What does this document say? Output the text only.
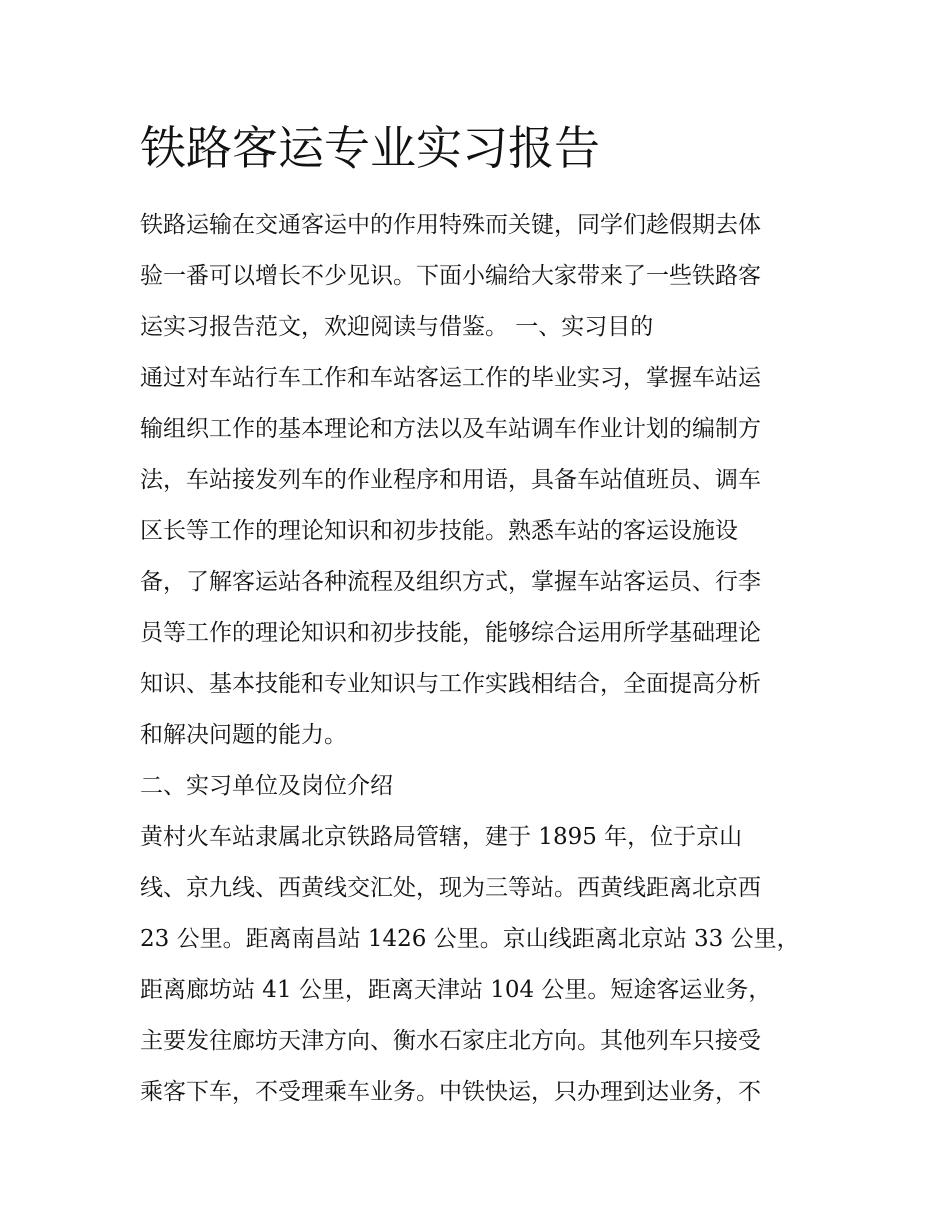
铁路客运专业实习报告
铁路运输在交通客运中的作用特殊而关键，同学们趁假期去体
验一番可以增长不少见识。下面小编给大家带来了一些铁路客
运实习报告范文，欢迎阅读与借鉴。 一、实习目的
通过对车站行车工作和车站客运工作的毕业实习，掌握车站运
输组织工作的基本理论和方法以及车站调车作业计划的编制方
法，车站接发列车的作业程序和用语，具备车站值班员、调车
区长等工作的理论知识和初步技能。熟悉车站的客运设施设
备，了解客运站各种流程及组织方式，掌握车站客运员、行李
员等工作的理论知识和初步技能，能够综合运用所学基础理论
知识、基本技能和专业知识与工作实践相结合，全面提高分析
和解决问题的能力。
二、实习单位及岗位介绍
黄村火车站隶属北京铁路局管辖，建于 1895 年，位于京山
线、京九线、西黄线交汇处，现为三等站。西黄线距离北京西
23 公里。距离南昌站 1426 公里。京山线距离北京站 33 公里，
距离廊坊站 41 公里，距离天津站 104 公里。短途客运业务，
主要发往廊坊天津方向、衡水石家庄北方向。其他列车只接受
乘客下车，不受理乘车业务。中铁快运，只办理到达业务，不
